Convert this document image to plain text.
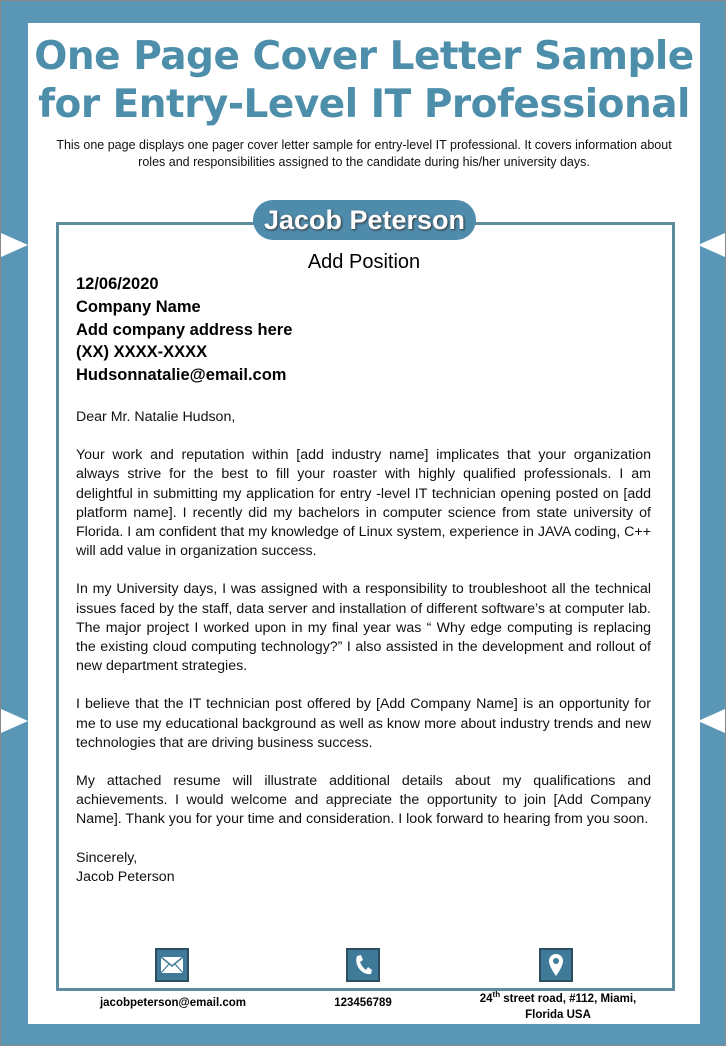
One Page Cover Letter Sample for Entry-Level IT Professional
This one page displays one pager cover letter sample for entry-level IT professional. It covers information about roles and responsibilities assigned to the candidate during his/her university days.
Jacob Peterson
Add Position
12/06/2020
Company Name
Add company address here
(XX) XXXX-XXXX
Hudsonnatalie@email.com

Dear Mr. Natalie Hudson,

Your work and reputation within [add industry name] implicates that your organization always strive for the best to fill your roaster with highly qualified professionals. I am delightful in submitting my application for entry -level IT technician opening posted on [add platform name]. I recently did my bachelors in computer science from state university of Florida. I am confident that my knowledge of Linux system, experience in JAVA coding, C++ will add value in organization success.

In my University days, I was assigned with a responsibility to troubleshoot all the technical issues faced by the staff, data server and installation of different software’s at computer lab. The major project I worked upon in my final year was “ Why edge computing is replacing the existing cloud computing technology?” I also assisted in the development and rollout of new department strategies.

I believe that the IT technician post offered by [Add Company Name] is an opportunity for me to use my educational background as well as know more about industry trends and new technologies that are driving business success.

My attached resume will illustrate additional details about my qualifications and achievements. I would welcome and appreciate the opportunity to join [Add Company Name]. Thank you for your time and consideration. I look forward to hearing from you soon.

Sincerely,
Jacob Peterson
jacobpeterson@email.com	123456789	24th street road, #112, Miami,
Florida USA
